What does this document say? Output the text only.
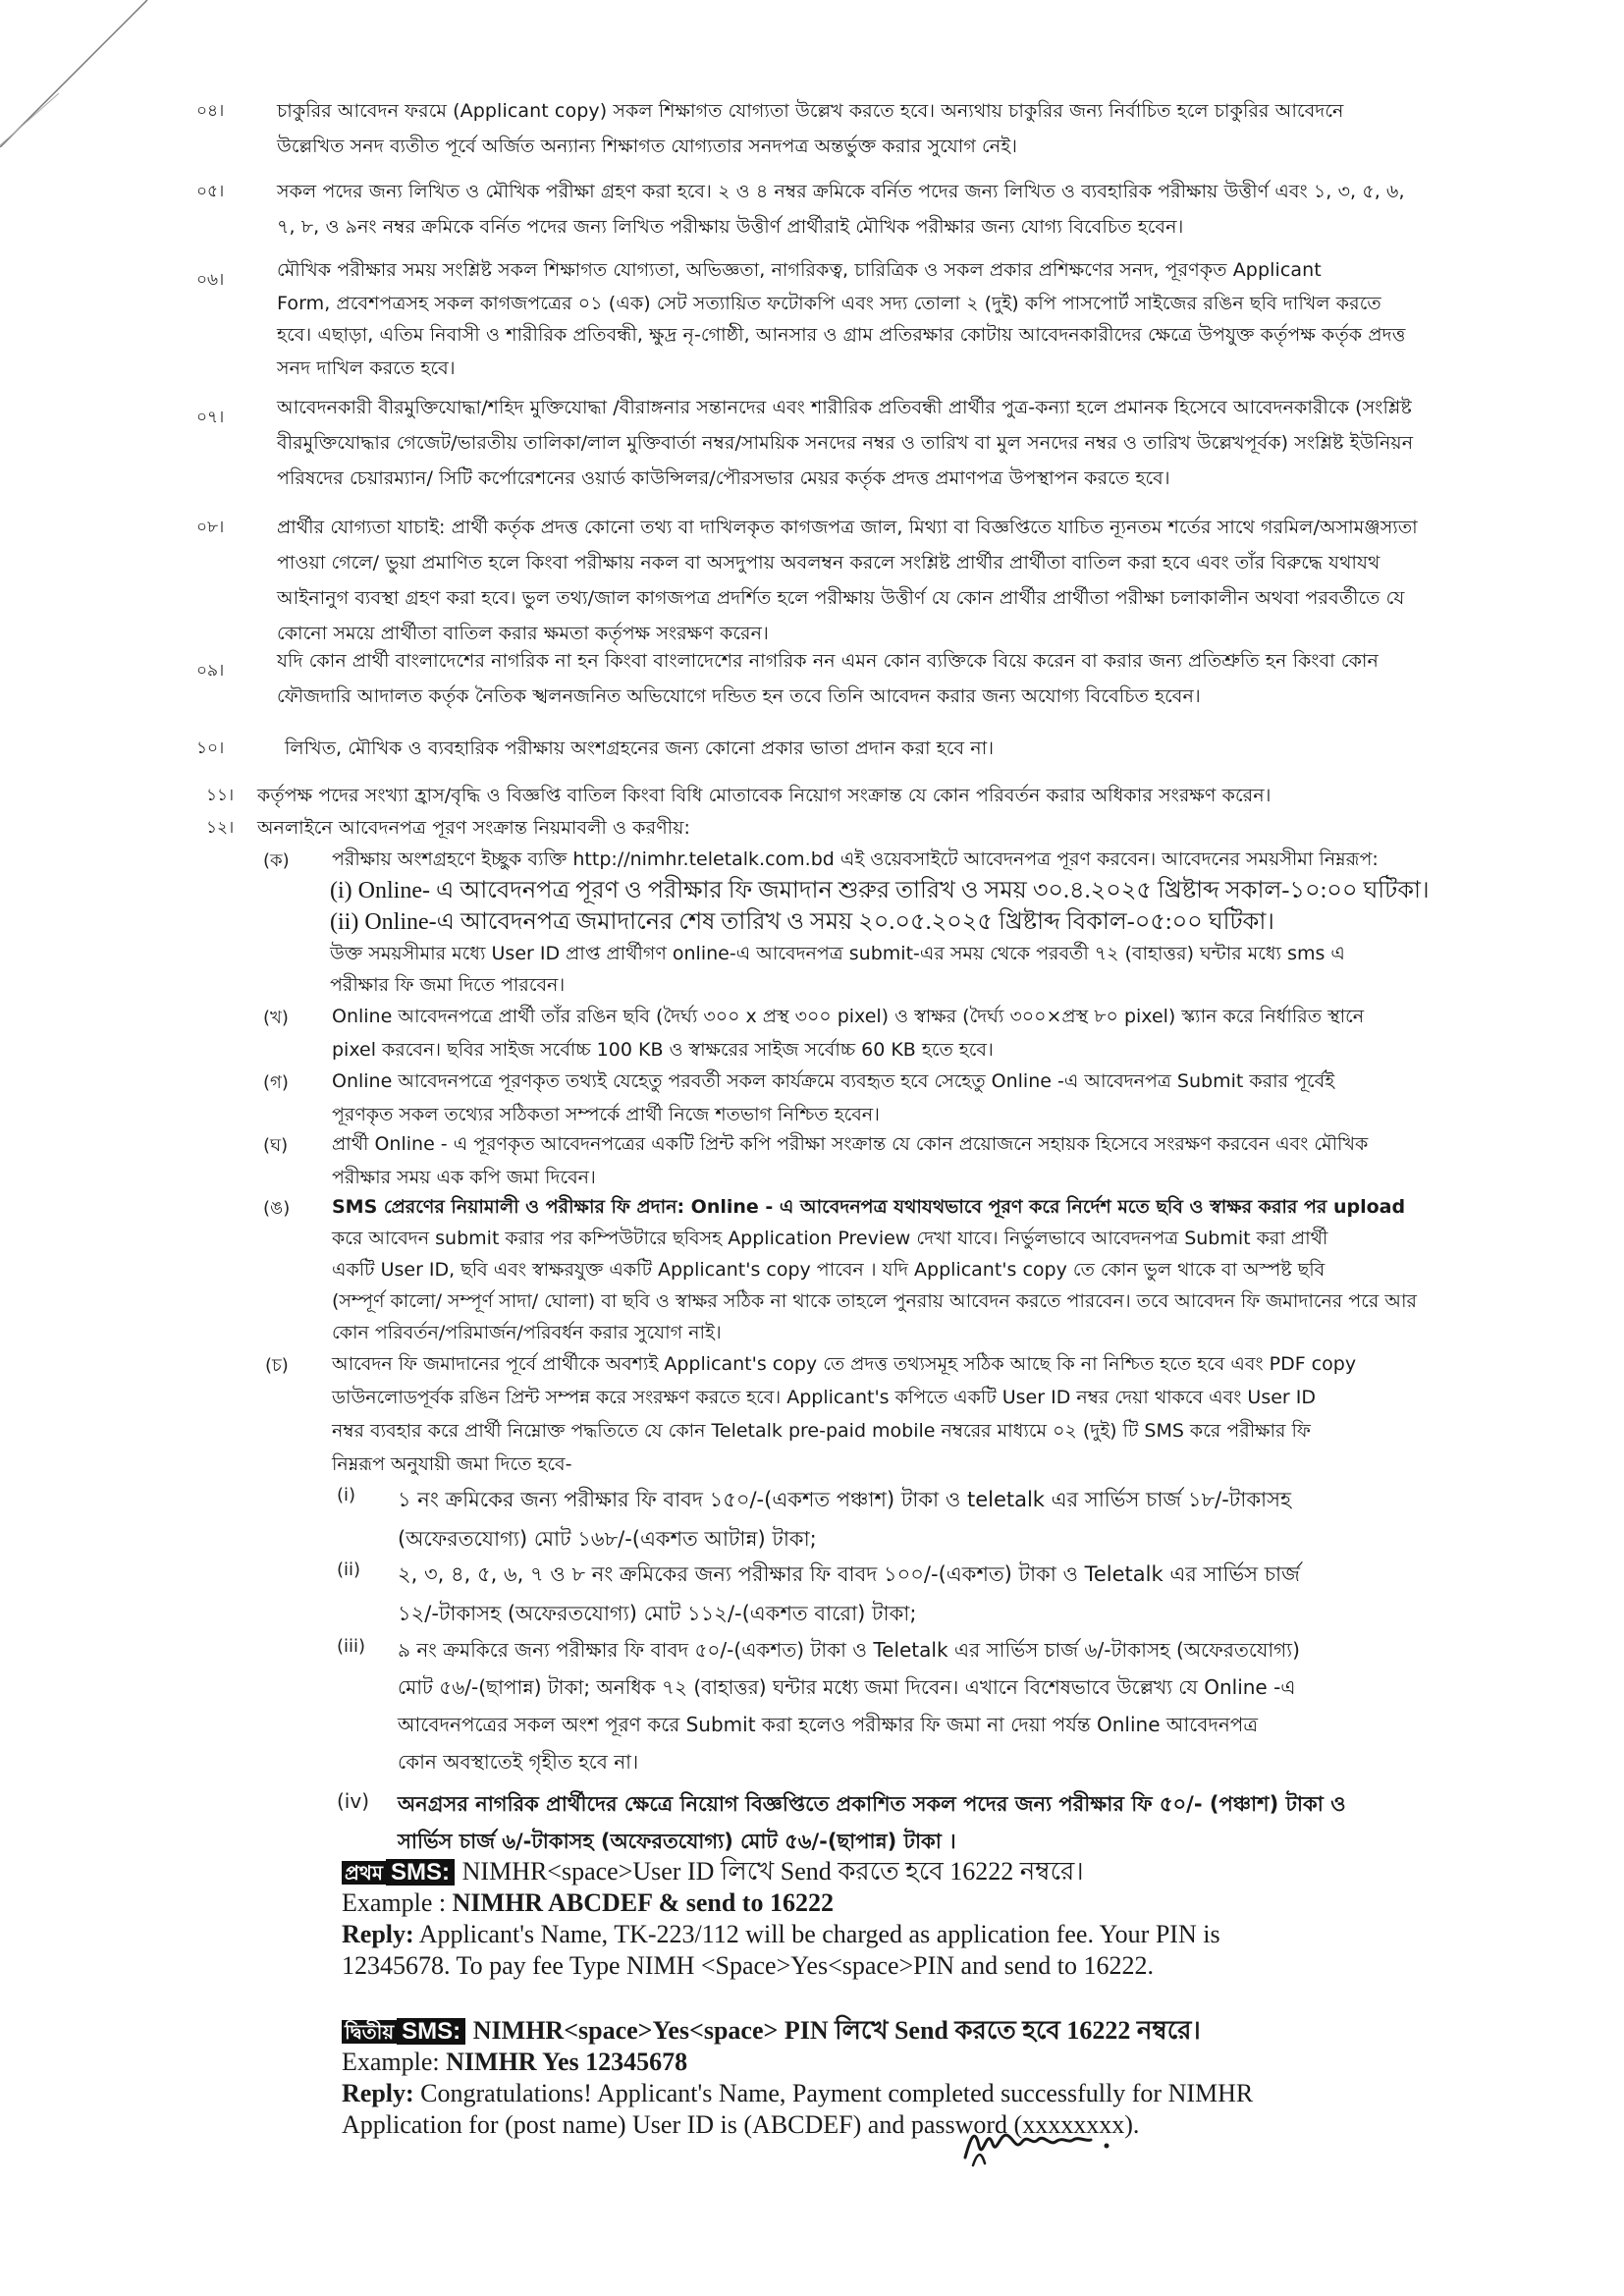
০৪।	চাকুরির আবেদন ফরমে (Applicant copy) সকল শিক্ষাগত যোগ্যতা উল্লেখ করতে হবে। অন্যথায় চাকুরির জন্য নির্বাচিত হলে চাকুরির আবেদনে
উল্লেখিত সনদ ব্যতীত পূর্বে অর্জিত অন্যান্য শিক্ষাগত যোগ্যতার সনদপত্র অন্তর্ভুক্ত করার সুযোগ নেই।
০৫।	সকল পদের জন্য লিখিত ও মৌখিক পরীক্ষা গ্রহণ করা হবে। ২ ও ৪ নম্বর ক্রমিকে বর্নিত পদের জন্য লিখিত ও ব্যবহারিক পরীক্ষায় উত্তীর্ণ এবং ১, ৩, ৫, ৬,
৭, ৮, ও ৯নং নম্বর ক্রমিকে বর্নিত পদের জন্য লিখিত পরীক্ষায় উত্তীর্ণ প্রার্থীরাই মৌখিক পরীক্ষার জন্য যোগ্য বিবেচিত হবেন।
০৬।	মৌখিক পরীক্ষার সময় সংশ্লিষ্ট সকল শিক্ষাগত যোগ্যতা, অভিজ্ঞতা, নাগরিকত্ব, চারিত্রিক ও সকল প্রকার প্রশিক্ষণের সনদ, পূরণকৃত Applicant
Form, প্রবেশপত্রসহ সকল কাগজপত্রের ০১ (এক) সেট সত্যায়িত ফটোকপি এবং সদ্য তোলা ২ (দুই) কপি পাসপোর্ট সাইজের রঙিন ছবি দাখিল করতে
হবে। এছাড়া, এতিম নিবাসী ও শারীরিক প্রতিবন্ধী, ক্ষুদ্র নৃ-গোষ্ঠী, আনসার ও গ্রাম প্রতিরক্ষার কোটায় আবেদনকারীদের ক্ষেত্রে উপযুক্ত কর্তৃপক্ষ কর্তৃক প্রদত্ত
সনদ দাখিল করতে হবে।
০৭।	আবেদনকারী বীরমুক্তিযোদ্ধা/শহিদ মুক্তিযোদ্ধা /বীরাঙ্গনার সন্তানদের এবং শারীরিক প্রতিবন্ধী প্রার্থীর পুত্র-কন্যা হলে প্রমানক হিসেবে আবেদনকারীকে (সংশ্লিষ্ট
বীরমুক্তিযোদ্ধার গেজেট/ভারতীয় তালিকা/লাল মুক্তিবার্তা নম্বর/সাময়িক সনদের নম্বর ও তারিখ বা মুল সনদের নম্বর ও তারিখ উল্লেখপূর্বক) সংশ্লিষ্ট ইউনিয়ন
পরিষদের চেয়ারম্যান/ সিটি কর্পোরেশনের ওয়ার্ড কাউন্সিলর/পৌরসভার মেয়র কর্তৃক প্রদত্ত প্রমাণপত্র উপস্থাপন করতে হবে।
০৮।	প্রার্থীর যোগ্যতা যাচাই: প্রার্থী কর্তৃক প্রদত্ত কোনো তথ্য বা দাখিলকৃত কাগজপত্র জাল, মিথ্যা বা বিজ্ঞপ্তিতে যাচিত ন্যূনতম শর্তের সাথে গরমিল/অসামঞ্জস্যতা
পাওয়া গেলে/ ভুয়া প্রমাণিত হলে কিংবা পরীক্ষায় নকল বা অসদুপায় অবলম্বন করলে সংশ্লিষ্ট প্রার্থীর প্রার্থীতা বাতিল করা হবে এবং তাঁর বিরুদ্ধে যথাযথ
আইনানুগ ব্যবস্থা গ্রহণ করা হবে। ভুল তথ্য/জাল কাগজপত্র প্রদর্শিত হলে পরীক্ষায় উত্তীর্ণ যে কোন প্রার্থীর প্রার্থীতা পরীক্ষা চলাকালীন অথবা পরবর্তীতে যে
কোনো সময়ে প্রার্থীতা বাতিল করার ক্ষমতা কর্তৃপক্ষ সংরক্ষণ করেন।
০৯।	যদি কোন প্রার্থী বাংলাদেশের নাগরিক না হন কিংবা বাংলাদেশের নাগরিক নন এমন কোন ব্যক্তিকে বিয়ে করেন বা করার জন্য প্রতিশ্রুতি হন কিংবা কোন
ফৌজদারি আদালত কর্তৃক নৈতিক স্খলনজনিত অভিযোগে দন্ডিত হন তবে তিনি আবেদন করার জন্য অযোগ্য বিবেচিত হবেন।
১০।	লিখিত, মৌখিক ও ব্যবহারিক পরীক্ষায় অংশগ্রহনের জন্য কোনো প্রকার ভাতা প্রদান করা হবে না।
১১।	কর্তৃপক্ষ পদের সংখ্যা হ্রাস/বৃদ্ধি ও বিজ্ঞপ্তি বাতিল কিংবা বিধি মোতাবেক নিয়োগ সংক্রান্ত যে কোন পরিবর্তন করার অধিকার সংরক্ষণ করেন।
১২।	অনলাইনে আবেদনপত্র পূরণ সংক্রান্ত নিয়মাবলী ও করণীয়:
(ক) পরীক্ষায় অংশগ্রহণে ইচ্ছুক ব্যক্তি http://nimhr.teletalk.com.bd এই ওয়েবসাইটে আবেদনপত্র পূরণ করবেন। আবেদনের সময়সীমা নিম্নরূপ:
(i) Online- এ আবেদনপত্র পূরণ ও পরীক্ষার ফি জমাদান শুরুর তারিখ ও সময় ৩০.৪.২০২৫ খ্রিষ্টাব্দ সকাল-১০:০০ ঘটিকা।
(ii) Online-এ আবেদনপত্র জমাদানের শেষ তারিখ ও সময় ২০.০৫.২০২৫ খ্রিষ্টাব্দ বিকাল-০৫:০০ ঘটিকা।
উক্ত সময়সীমার মধ্যে User ID প্রাপ্ত প্রার্থীগণ online-এ আবেদনপত্র submit-এর সময় থেকে পরবর্তী ৭২ (বাহাত্তর) ঘন্টার মধ্যে sms এ
পরীক্ষার ফি জমা দিতে পারবেন।
(খ) Online আবেদনপত্রে প্রার্থী তাঁর রঙিন ছবি (দৈর্ঘ্য ৩০০ x প্রস্থ ৩০০ pixel) ও স্বাক্ষর (দৈর্ঘ্য ৩০০×প্রস্থ ৮০ pixel) স্ক্যান করে নির্ধারিত স্থানে
pixel করবেন। ছবির সাইজ সর্বোচ্চ 100 KB ও স্বাক্ষরের সাইজ সর্বোচ্চ 60 KB হতে হবে।
(গ) Online আবেদনপত্রে পূরণকৃত তথ্যই যেহেতু পরবর্তী সকল কার্যক্রমে ব্যবহৃত হবে সেহেতু Online -এ আবেদনপত্র Submit করার পূর্বেই
পূরণকৃত সকল তথ্যের সঠিকতা সম্পর্কে প্রার্থী নিজে শতভাগ নিশ্চিত হবেন।
(ঘ) প্রার্থী Online - এ পূরণকৃত আবেদনপত্রের একটি প্রিন্ট কপি পরীক্ষা সংক্রান্ত যে কোন প্রয়োজনে সহায়ক হিসেবে সংরক্ষণ করবেন এবং মৌখিক
পরীক্ষার সময় এক কপি জমা দিবেন।
(ঙ) SMS প্রেরণের নিয়ামালী ও পরীক্ষার ফি প্রদান: Online - এ আবেদনপত্র যথাযথভাবে পূরণ করে নির্দেশ মতে ছবি ও স্বাক্ষর করার পর upload
করে আবেদন submit করার পর কম্পিউটারে ছবিসহ Application Preview দেখা যাবে। নির্ভুলভাবে আবেদনপত্র Submit করা প্রার্থী
একটি User ID, ছবি এবং স্বাক্ষরযুক্ত একটি Applicant's copy পাবেন । যদি Applicant's copy তে কোন ভুল থাকে বা অস্পষ্ট ছবি
(সম্পূর্ণ কালো/ সম্পূর্ণ সাদা/ ঘোলা) বা ছবি ও স্বাক্ষর সঠিক না থাকে তাহলে পুনরায় আবেদন করতে পারবেন। তবে আবেদন ফি জমাদানের পরে আর
কোন পরিবর্তন/পরিমার্জন/পরিবর্ধন করার সুযোগ নাই।
(চ) আবেদন ফি জমাদানের পূর্বে প্রার্থীকে অবশ্যই Applicant's copy তে প্রদত্ত তথ্যসমূহ সঠিক আছে কি না নিশ্চিত হতে হবে এবং PDF copy
ডাউনলোডপূর্বক রঙিন প্রিন্ট সম্পন্ন করে সংরক্ষণ করতে হবে। Applicant's কপিতে একটি User ID নম্বর দেয়া থাকবে এবং User ID
নম্বর ব্যবহার করে প্রার্থী নিম্নোক্ত পদ্ধতিতে যে কোন Teletalk pre-paid mobile নম্বরের মাধ্যমে ০২ (দুই) টি SMS করে পরীক্ষার ফি
নিম্নরূপ অনুযায়ী জমা দিতে হবে-
(i) ১ নং ক্রমিকের জন্য পরীক্ষার ফি বাবদ ১৫০/-(একশত পঞ্চাশ) টাকা ও teletalk এর সার্ভিস চার্জ ১৮/-টাকাসহ
(অফেরতযোগ্য) মোট ১৬৮/-(একশত আটান্ন) টাকা;
(ii) ২, ৩, ৪, ৫, ৬, ৭ ও ৮ নং ক্রমিকের জন্য পরীক্ষার ফি বাবদ ১০০/-(একশত) টাকা ও Teletalk এর সার্ভিস চার্জ
১২/-টাকাসহ (অফেরতযোগ্য) মোট ১১২/-(একশত বারো) টাকা;
(iii) ৯ নং ক্রমকিরে জন্য পরীক্ষার ফি বাবদ ৫০/-(একশত) টাকা ও Teletalk এর সার্ভিস চার্জ ৬/-টাকাসহ (অফেরতযোগ্য)
মোট ৫৬/-(ছাপান্ন) টাকা; অনধিক ৭২ (বাহাত্তর) ঘন্টার মধ্যে জমা দিবেন। এখানে বিশেষভাবে উল্লেখ্য যে Online -এ
আবেদনপত্রের সকল অংশ পূরণ করে Submit করা হলেও পরীক্ষার ফি জমা না দেয়া পর্যন্ত Online আবেদনপত্র
কোন অবস্থাতেই গৃহীত হবে না।
(iv) অনগ্রসর নাগরিক প্রার্থীদের ক্ষেত্রে নিয়োগ বিজ্ঞপ্তিতে প্রকাশিত সকল পদের জন্য পরীক্ষার ফি ৫০/- (পঞ্চাশ) টাকা ও
সার্ভিস চার্জ ৬/-টাকাসহ (অফেরতযোগ্য) মোট ৫৬/-(ছাপান্ন) টাকা ।
প্রথম SMS: NIMHR<space>User ID লিখে Send করতে হবে 16222 নম্বরে।
Example : NIMHR ABCDEF & send to 16222
Reply: Applicant's Name, TK-223/112 will be charged as application fee. Your PIN is
12345678. To pay fee Type NIMH <Space>Yes<space>PIN and send to 16222.
দ্বিতীয় SMS: NIMHR<space>Yes<space> PIN লিখে Send করতে হবে 16222 নম্বরে।
Example: NIMHR Yes 12345678
Reply: Congratulations! Applicant's Name, Payment completed successfully for NIMHR
Application for (post name) User ID is (ABCDEF) and password (xxxxxxxx).
